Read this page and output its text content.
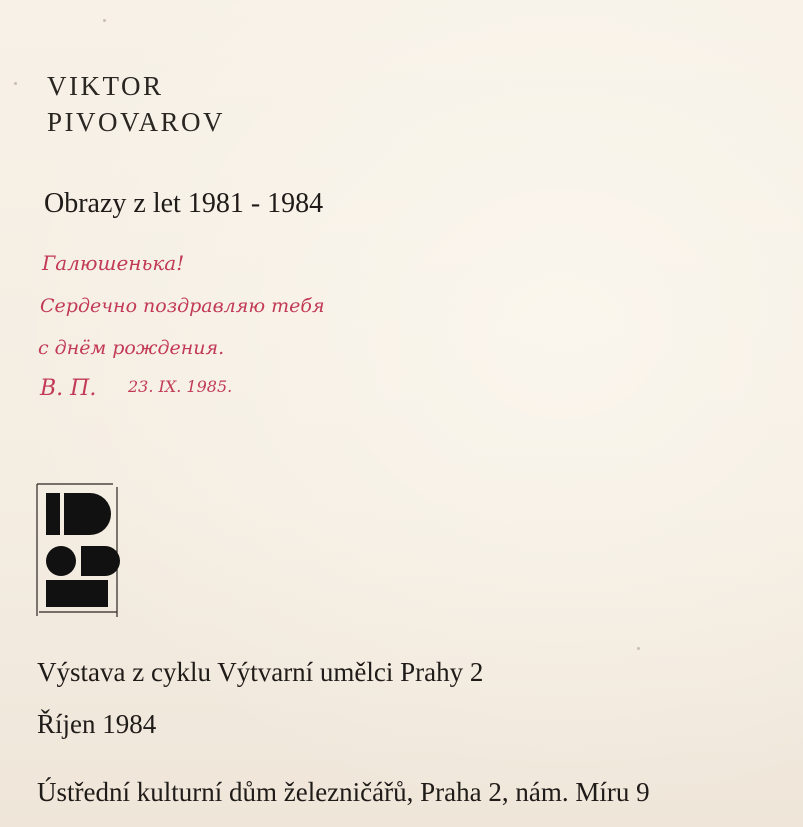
VIKTOR
PIVOVAROV
Obrazy z let 1981 - 1984
Галюшенька!
Сердечно поздравляю тебя
с днём рождения.
В. П. 23. IX. 1985.
Výstava z cyklu Výtvarní umělci Prahy 2
Říjen 1984
Ústřední kulturní dům železničářů, Praha 2, nám. Míru 9
